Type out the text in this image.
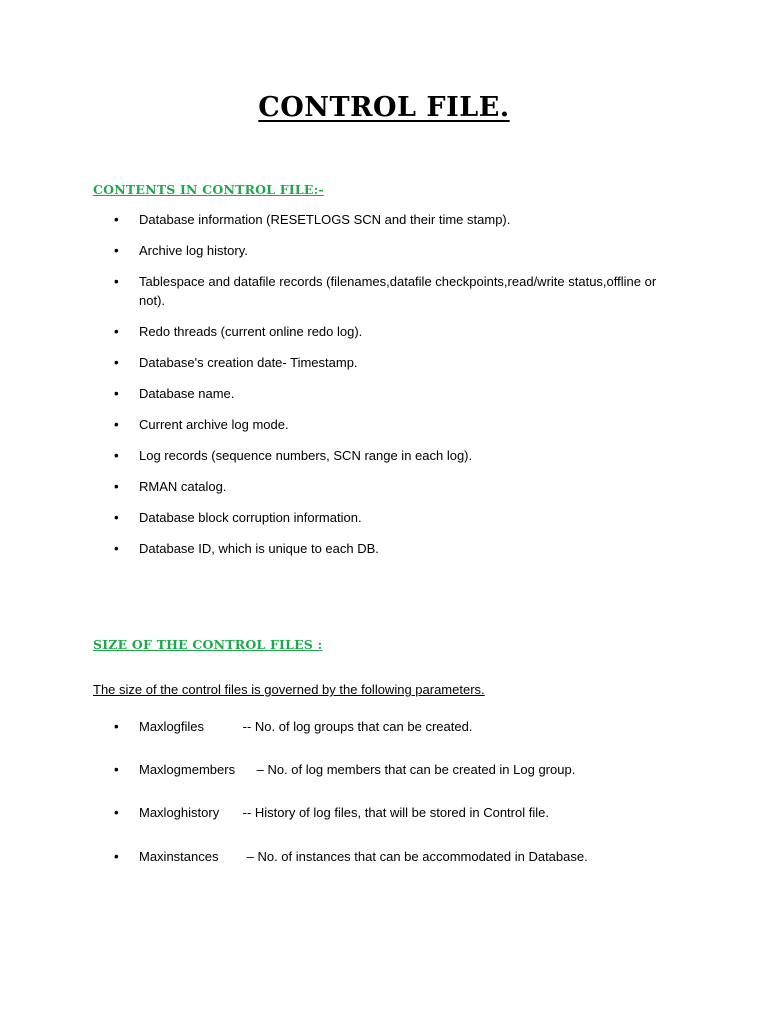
CONTROL FILE.
CONTENTS IN CONTROL FILE:-
• Database information (RESETLOGS SCN and their time stamp).
• Archive log history.
• Tablespace and datafile records (filenames,datafile checkpoints,read/write status,offline or not).
• Redo threads (current online redo log).
• Database's creation date- Timestamp.
• Database name.
• Current archive log mode.
• Log records (sequence numbers, SCN range in each log).
• RMAN catalog.
• Database block corruption information.
• Database ID, which is unique to each DB.
SIZE OF THE CONTROL FILES :
The size of the control files is governed by the following parameters.
• Maxlogfiles	-- No. of log groups that can be created.
• Maxlogmembers – No. of log members that can be created in Log group.
• Maxloghistory -- History of log files, that will be stored in Control file.
• Maxinstances – No. of instances that can be accommodated in Database.
